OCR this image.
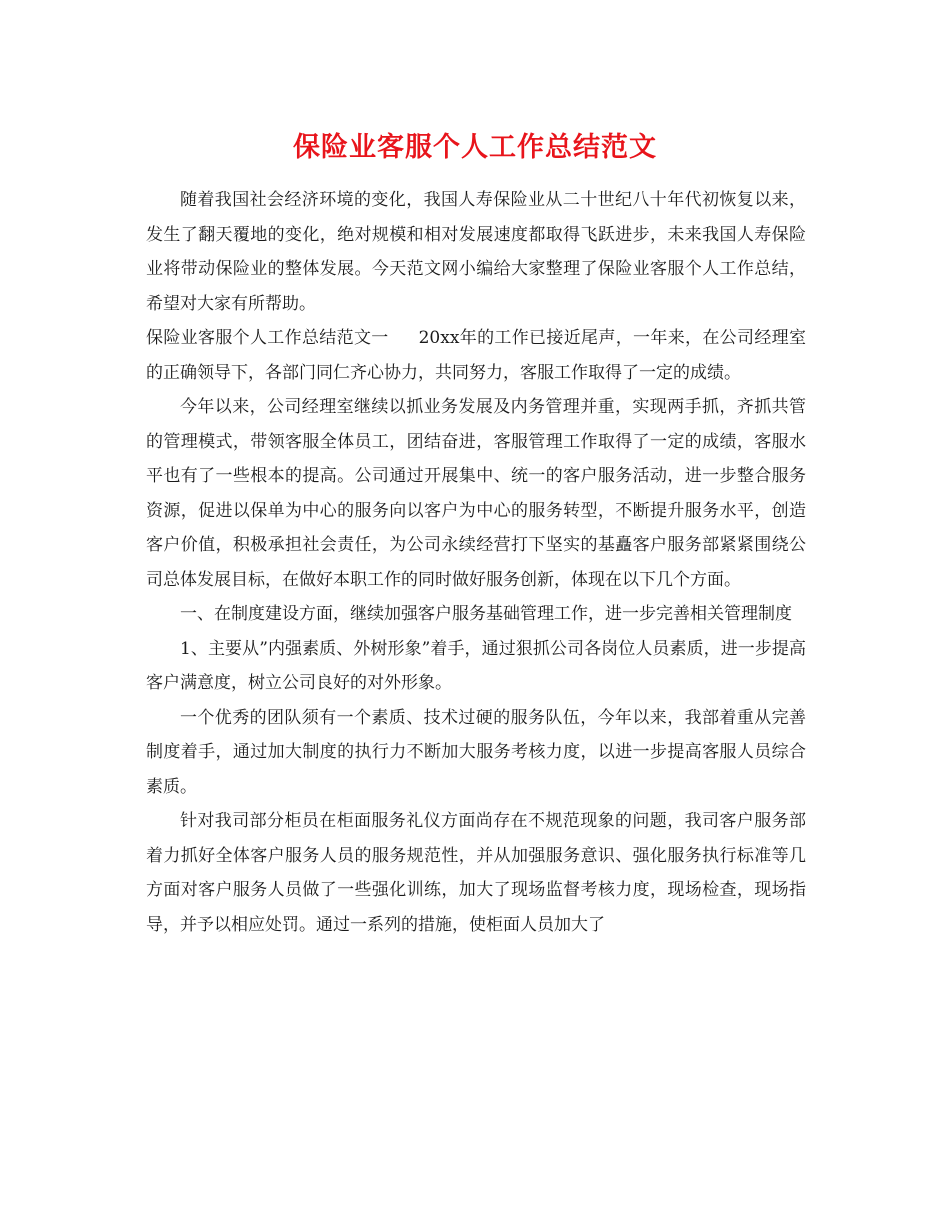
保险业客服个人工作总结范文

随着我国社会经济环境的变化，我国人寿保险业从二十世纪八十年代初恢复以来，发生了翻天覆地的变化，绝对规模和相对发展速度都取得飞跃进步，未来我国人寿保险业将带动保险业的整体发展。今天范文网小编给大家整理了保险业客服个人工作总结，希望对大家有所帮助。

保险业客服个人工作总结范文一 20xx年的工作已接近尾声，一年来，在公司经理室的正确领导下，各部门同仁齐心协力，共同努力，客服工作取得了一定的成绩。

今年以来，公司经理室继续以抓业务发展及内务管理并重，实现两手抓，齐抓共管的管理模式，带领客服全体员工，团结奋进，客服管理工作取得了一定的成绩，客服水平也有了一些根本的提高。公司通过开展集中、统一的客户服务活动，进一步整合服务资源，促进以保单为中心的服务向以客户为中心的服务转型，不断提升服务水平，创造客户价值，积极承担社会责任，为公司永续经营打下坚实的基矗客户服务部紧紧围绕公司总体发展目标，在做好本职工作的同时做好服务创新，体现在以下几个方面。

一、在制度建设方面，继续加强客户服务基础管理工作，进一步完善相关管理制度

1、主要从”内强素质、外树形象”着手，通过狠抓公司各岗位人员素质，进一步提高客户满意度，树立公司良好的对外形象。

一个优秀的团队须有一个素质、技术过硬的服务队伍，今年以来，我部着重从完善制度着手，通过加大制度的执行力不断加大服务考核力度，以进一步提高客服人员综合素质。

针对我司部分柜员在柜面服务礼仪方面尚存在不规范现象的问题，我司客户服务部着力抓好全体客户服务人员的服务规范性，并从加强服务意识、强化服务执行标准等几方面对客户服务人员做了一些强化训练，加大了现场监督考核力度，现场检查，现场指导，并予以相应处罚。通过一系列的措施，使柜面人员加大了
